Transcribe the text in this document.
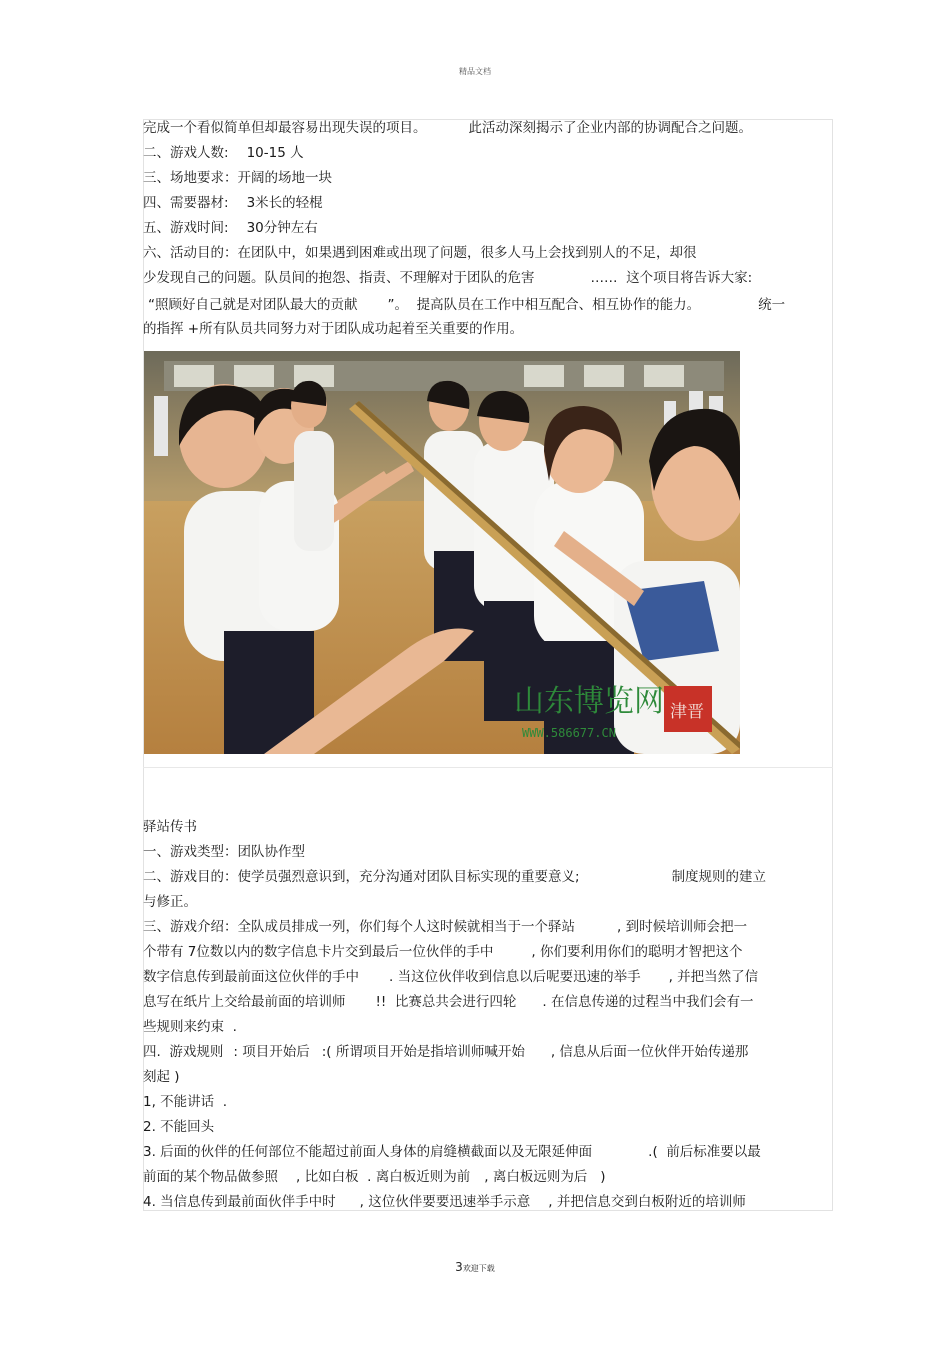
精品文档
完成一个看似简单但却最容易出现失误的项目。	此活动深刻揭示了企业内部的协调配合之问题。
二、游戏人数: 10-15 人
三、场地要求：开阔的场地一块
四、需要器材: 3米长的轻棍
五、游戏时间: 30分钟左右
六、活动目的：在团队中，如果遇到困难或出现了问题，很多人马上会找到别人的不足，却很
少发现自己的问题。队员间的抱怨、指责、不理解对于团队的危害	……  这个项目将告诉大家:
“照顾好自己就是对团队最大的贡献 ”。  提高队员在工作中相互配合、相互协作的能力。	统一
的指挥 +所有队员共同努力对于团队成功起着至关重要的作用。
山东博览网
WWW.586677.CN
津晋
驿站传书
一、游戏类型：团队协作型
二、游戏目的：使学员强烈意识到，充分沟通对团队目标实现的重要意义;	制度规则的建立
与修正。
三、游戏介绍：全队成员排成一列，你们每个人这时候就相当于一个驿站	, 到时候培训师会把一
个带有 7位数以内的数字信息卡片交到最后一位伙伴的手中	, 你们要利用你们的聪明才智把这个
数字信息传到最前面这位伙伴的手中 . 当这位伙伴收到信息以后呢要迅速的举手 , 并把当然了信
息写在纸片上交给最前面的培训师 !!  比赛总共会进行四轮 . 在信息传递的过程当中我们会有一
些规则来约束  .
四.  游戏规则 : 项目开始后 :( 所谓项目开始是指培训师喊开始 , 信息从后面一位伙伴开始传递那
刻起 )
1, 不能讲话  .
2. 不能回头
3. 后面的伙伴的任何部位不能超过前面人身体的肩缝横截面以及无限延伸面	.(  前后标准要以最
前面的某个物品做参照 , 比如白板  . 离白板近则为前 , 离白板远则为后   )
4. 当信息传到最前面伙伴手中时 , 这位伙伴要要迅速举手示意 , 并把信息交到白板附近的培训师
3欢迎下载
